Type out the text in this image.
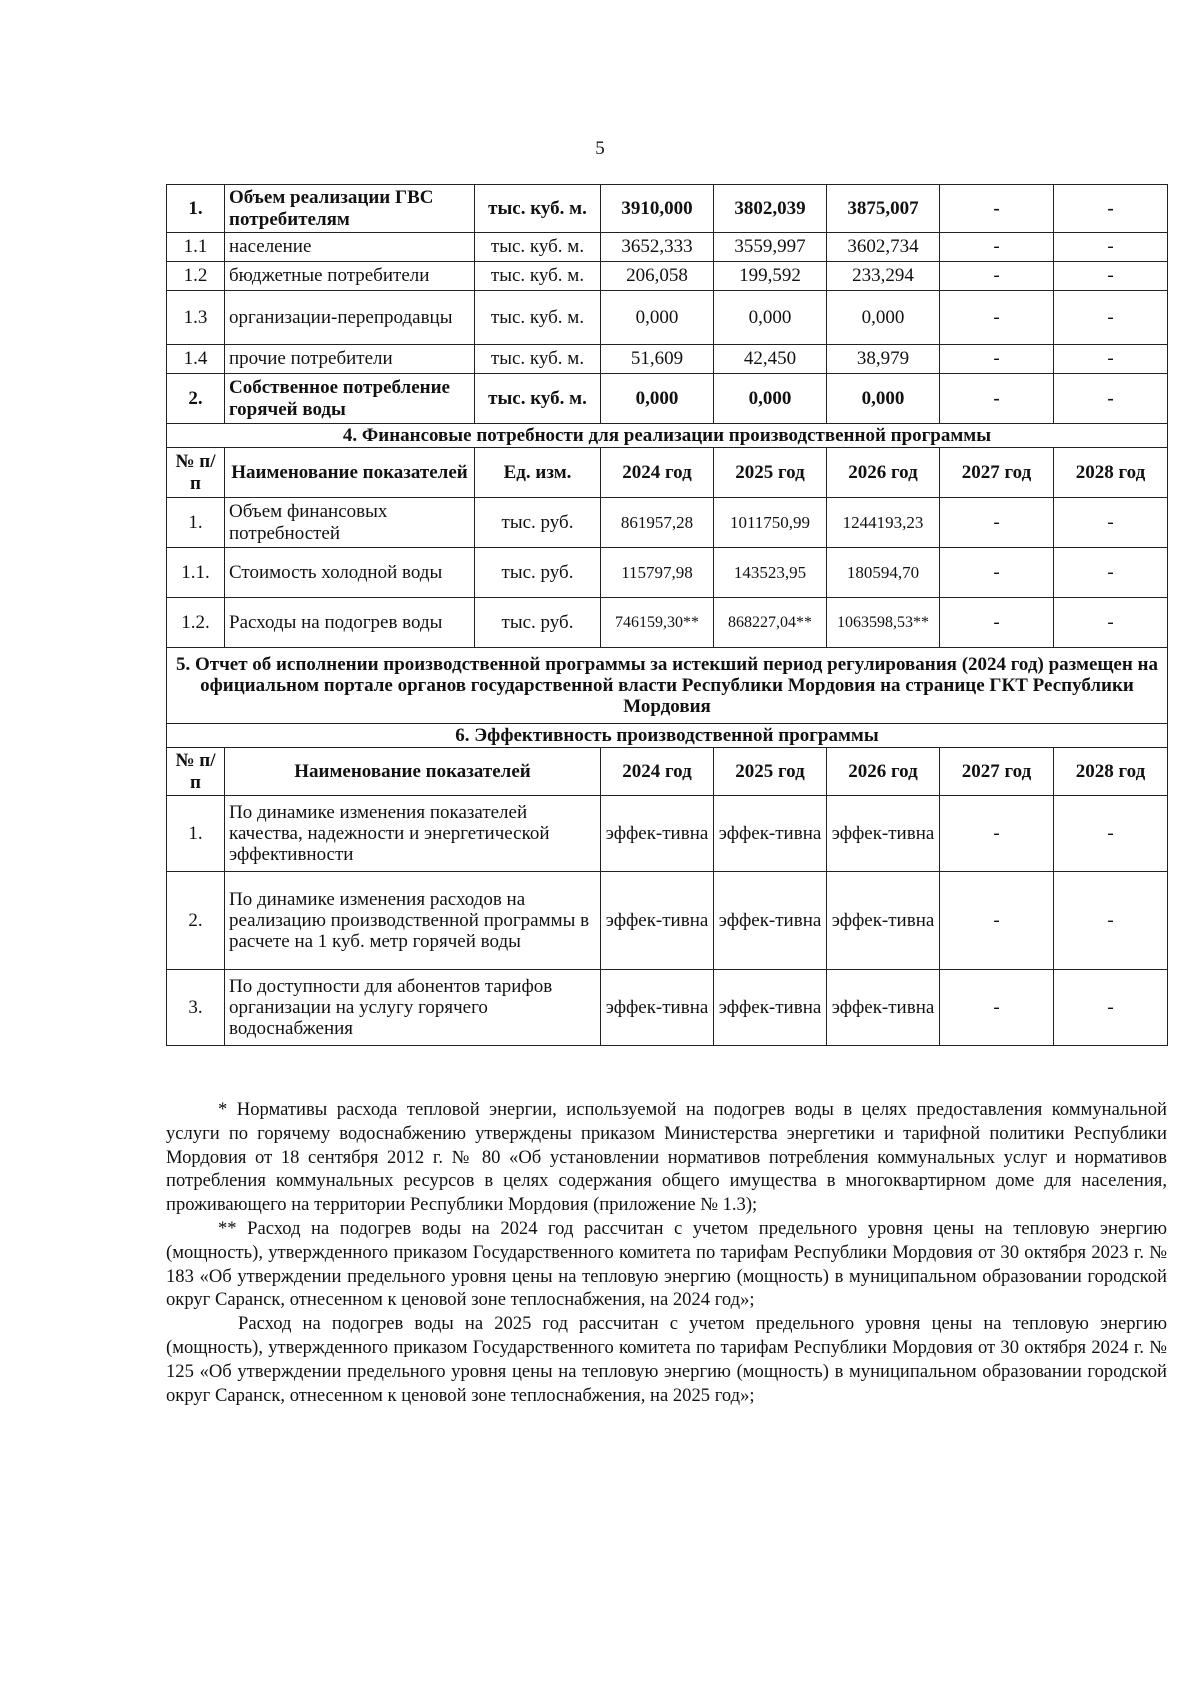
5
1.	Объем реализации ГВС потребителям	тыс. куб. м.	3910,000	3802,039	3875,007	-	-
1.1	население	тыс. куб. м.	3652,333	3559,997	3602,734	-	-
1.2	бюджетные потребители	тыс. куб. м.	206,058	199,592	233,294	-	-
1.3	организации-перепродавцы	тыс. куб. м.	0,000	0,000	0,000	-	-
1.4	прочие потребители	тыс. куб. м.	51,609	42,450	38,979	-	-
2.	Собственное потребление горячей воды	тыс. куб. м.	0,000	0,000	0,000	-	-
4. Финансовые потребности для реализации производственной программы							
№ п/п	Наименование показателей	Ед. изм.	2024 год	2025 год	2026 год	2027 год	2028 год
1.	Объем финансовых потребностей	тыс. руб.	861957,28	1011750,99	1244193,23	-	-
1.1.	Стоимость холодной воды	тыс. руб.	115797,98	143523,95	180594,70	-	-
1.2.	Расходы на подогрев воды	тыс. руб.	746159,30**	868227,04**	1063598,53**	-	-
5. Отчет об исполнении производственной программы за истекший период регулирования (2024 год) размещен на официальном портале органов государственной власти Республики Мордовия на странице ГКТ Республики Мордовия							
6. Эффективность производственной программы							
№ п/п	Наименование показателей		2024 год	2025 год	2026 год	2027 год	2028 год
1.	По динамике изменения показателей качества, надежности и энергетической эффективности		эффек-тивна	эффек-тивна	эффек-тивна	-	-
2.	По динамике изменения расходов на реализацию производственной программы в расчете на 1 куб. метр горячей воды		эффек-тивна	эффек-тивна	эффек-тивна	-	-
3.	По доступности для абонентов тарифов организации на услугу горячего водоснабжения		эффек-тивна	эффек-тивна	эффек-тивна	-	-

* Нормативы расхода тепловой энергии, используемой на подогрев воды в целях предоставления коммунальной услуги по горячему водоснабжению утверждены приказом Министерства энергетики и тарифной политики Республики Мордовия от 18 сентября 2012 г. № 80 «Об установлении нормативов потребления коммунальных услуг и нормативов потребления коммунальных ресурсов в целях содержания общего имущества в многоквартирном доме для населения, проживающего на территории Республики Мордовия (приложение № 1.3);

** Расход на подогрев воды на 2024 год рассчитан с учетом предельного уровня цены на тепловую энергию (мощность), утвержденного приказом Государственного комитета по тарифам Республики Мордовия от 30 октября 2023 г. № 183 «Об утверждении предельного уровня цены на тепловую энергию (мощность) в муниципальном образовании городской округ Саранск, отнесенном к ценовой зоне теплоснабжения, на 2024 год»;

Расход на подогрев воды на 2025 год рассчитан с учетом предельного уровня цены на тепловую энергию (мощность), утвержденного приказом Государственного комитета по тарифам Республики Мордовия от 30 октября 2024 г. № 125 «Об утверждении предельного уровня цены на тепловую энергию (мощность) в муниципальном образовании городской округ Саранск, отнесенном к ценовой зоне теплоснабжения, на 2025 год»;
